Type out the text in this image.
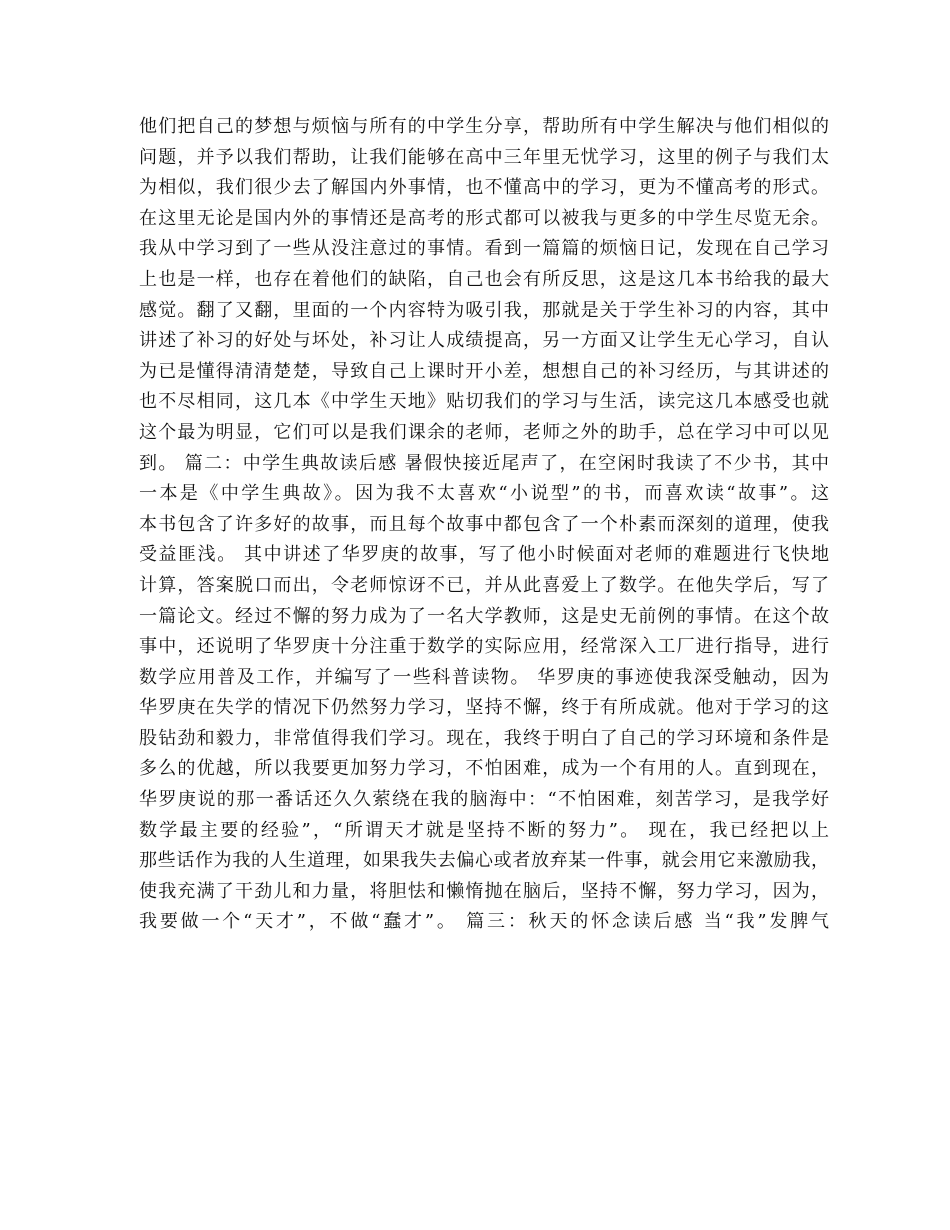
他们把自己的梦想与烦恼与所有的中学生分享，帮助所有中学生解决与他们相似的
问题，并予以我们帮助，让我们能够在高中三年里无忧学习，这里的例子与我们太
为相似，我们很少去了解国内外事情，也不懂高中的学习，更为不懂高考的形式。
在这里无论是国内外的事情还是高考的形式都可以被我与更多的中学生尽览无余。
我从中学习到了一些从没注意过的事情。看到一篇篇的烦恼日记，发现在自己学习
上也是一样，也存在着他们的缺陷，自己也会有所反思，这是这几本书给我的最大
感觉。翻了又翻，里面的一个内容特为吸引我，那就是关于学生补习的内容，其中
讲述了补习的好处与坏处，补习让人成绩提高，另一方面又让学生无心学习，自认
为已是懂得清清楚楚，导致自己上课时开小差，想想自己的补习经历，与其讲述的
也不尽相同，这几本《中学生天地》贴切我们的学习与生活，读完这几本感受也就
这个最为明显，它们可以是我们课余的老师，老师之外的助手，总在学习中可以见
到。 篇二：中学生典故读后感 暑假快接近尾声了，在空闲时我读了不少书，其中
一本是《中学生典故》。因为我不太喜欢“小说型”的书，而喜欢读“故事”。这
本书包含了许多好的故事，而且每个故事中都包含了一个朴素而深刻的道理，使我
受益匪浅。 其中讲述了华罗庚的故事，写了他小时候面对老师的难题进行飞快地
计算，答案脱口而出，令老师惊讶不已，并从此喜爱上了数学。在他失学后，写了
一篇论文。经过不懈的努力成为了一名大学教师，这是史无前例的事情。在这个故
事中，还说明了华罗庚十分注重于数学的实际应用，经常深入工厂进行指导，进行
数学应用普及工作，并编写了一些科普读物。 华罗庚的事迹使我深受触动，因为
华罗庚在失学的情况下仍然努力学习，坚持不懈，终于有所成就。他对于学习的这
股钻劲和毅力，非常值得我们学习。现在，我终于明白了自己的学习环境和条件是
多么的优越，所以我要更加努力学习，不怕困难，成为一个有用的人。直到现在，
华罗庚说的那一番话还久久萦绕在我的脑海中：“不怕困难，刻苦学习，是我学好
数学最主要的经验”，“所谓天才就是坚持不断的努力”。 现在，我已经把以上
那些话作为我的人生道理，如果我失去偏心或者放弃某一件事，就会用它来激励我，
使我充满了干劲儿和力量，将胆怯和懒惰抛在脑后，坚持不懈，努力学习，因为，
我要做一个“天才”，不做“蠢才”。 篇三：秋天的怀念读后感 当“我”发脾气
